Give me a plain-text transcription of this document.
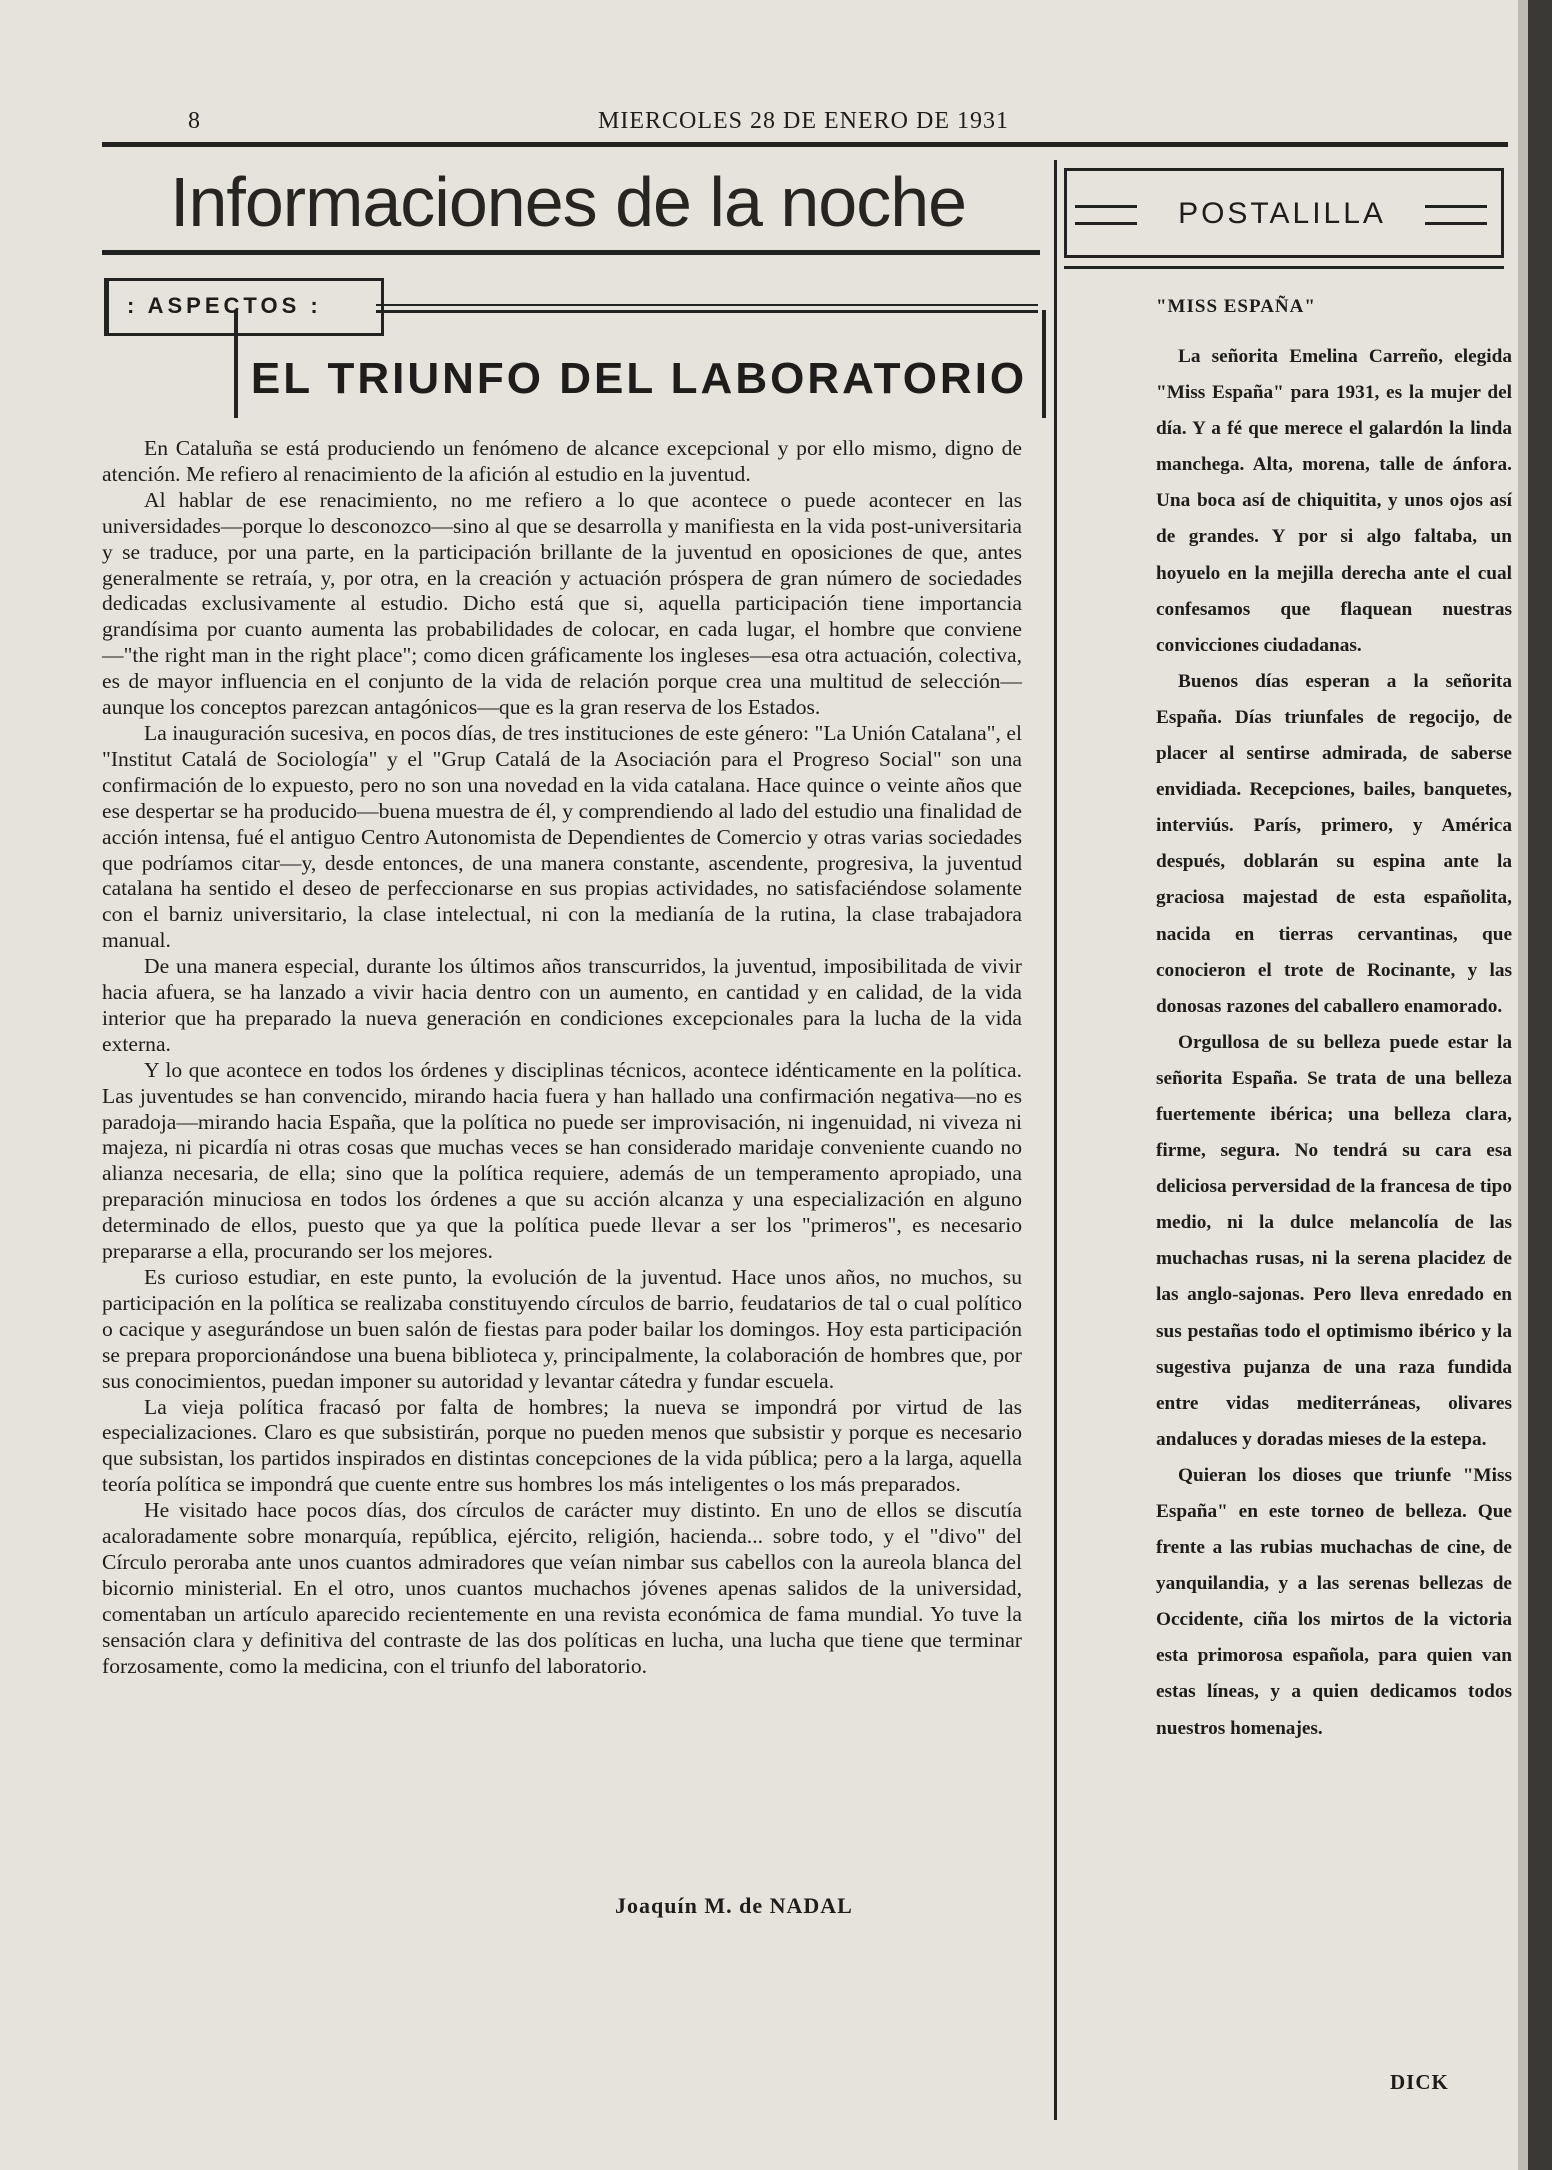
8	MIERCOLES 28 DE ENERO DE 1931
Informaciones de la noche
: ASPECTOS :
EL TRIUNFO DEL LABORATORIO

En Cataluña se está produciendo un fenómeno de alcance excepcional y por ello mismo, digno de atención. Me refiero al renacimiento de la afición al estudio en la juventud.

Al hablar de ese renacimiento, no me refiero a lo que acontece o puede acontecer en las universidades—porque lo desconozco—sino al que se desarrolla y manifiesta en la vida post-universitaria y se traduce, por una parte, en la participación brillante de la juventud en oposiciones de que, antes generalmente se retraía, y, por otra, en la creación y actuación próspera de gran número de sociedades dedicadas exclusivamente al estudio. Dicho está que si, aquella participación tiene importancia grandísima por cuanto aumenta las probabilidades de colocar, en cada lugar, el hombre que conviene—"the right man in the right place"; como dicen gráficamente los ingleses—esa otra actuación, colectiva, es de mayor influencia en el conjunto de la vida de relación porque crea una multitud de selección—aunque los conceptos parezcan antagónicos—que es la gran reserva de los Estados.

La inauguración sucesiva, en pocos días, de tres instituciones de este género: "La Unión Catalana", el "Institut Catalá de Sociología" y el "Grup Catalá de la Asociación para el Progreso Social" son una confirmación de lo expuesto, pero no son una novedad en la vida catalana. Hace quince o veinte años que ese despertar se ha producido—buena muestra de él, y comprendiendo al lado del estudio una finalidad de acción intensa, fué el antiguo Centro Autonomista de Dependientes de Comercio y otras varias sociedades que podríamos citar—y, desde entonces, de una manera constante, ascendente, progresiva, la juventud catalana ha sentido el deseo de perfeccionarse en sus propias actividades, no satisfaciéndose solamente con el barniz universitario, la clase intelectual, ni con la medianía de la rutina, la clase trabajadora manual.

De una manera especial, durante los últimos años transcurridos, la juventud, imposibilitada de vivir hacia afuera, se ha lanzado a vivir hacia dentro con un aumento, en cantidad y en calidad, de la vida interior que ha preparado la nueva generación en condiciones excepcionales para la lucha de la vida externa.

Y lo que acontece en todos los órdenes y disciplinas técnicos, acontece idénticamente en la política. Las juventudes se han convencido, mirando hacia fuera y han hallado una confirmación negativa—no es paradoja—mirando hacia España, que la política no puede ser improvisación, ni ingenuidad, ni viveza ni majeza, ni picardía ni otras cosas que muchas veces se han considerado maridaje conveniente cuando no alianza necesaria, de ella; sino que la política requiere, además de un temperamento apropiado, una preparación minuciosa en todos los órdenes a que su acción alcanza y una especialización en alguno determinado de ellos, puesto que ya que la política puede llevar a ser los "primeros", es necesario prepararse a ella, procurando ser los mejores.

Es curioso estudiar, en este punto, la evolución de la juventud. Hace unos años, no muchos, su participación en la política se realizaba constituyendo círculos de barrio, feudatarios de tal o cual político o cacique y asegurándose un buen salón de fiestas para poder bailar los domingos. Hoy esta participación se prepara proporcionándose una buena biblioteca y, principalmente, la colaboración de hombres que, por sus conocimientos, puedan imponer su autoridad y levantar cátedra y fundar escuela.

La vieja política fracasó por falta de hombres; la nueva se impondrá por virtud de las especializaciones. Claro es que subsistirán, porque no pueden menos que subsistir y porque es necesario que subsistan, los partidos inspirados en distintas concepciones de la vida pública; pero a la larga, aquella teoría política se impondrá que cuente entre sus hombres los más inteligentes o los más preparados.

He visitado hace pocos días, dos círculos de carácter muy distinto. En uno de ellos se discutía acaloradamente sobre monarquía, república, ejército, religión, hacienda... sobre todo, y el "divo" del Círculo peroraba ante unos cuantos admiradores que veían nimbar sus cabellos con la aureola blanca del bicornio ministerial. En el otro, unos cuantos muchachos jóvenes apenas salidos de la universidad, comentaban un artículo aparecido recientemente en una revista económica de fama mundial. Yo tuve la sensación clara y definitiva del contraste de las dos políticas en lucha, una lucha que tiene que terminar forzosamente, como la medicina, con el triunfo del laboratorio.

Joaquín M. de NADAL
POSTALILLA
"MISS ESPAÑA"

La señorita Emelina Carreño, elegida "Miss España" para 1931, es la mujer del día. Y a fé que merece el galardón la linda manchega. Alta, morena, talle de ánfora. Una boca así de chiquitita, y unos ojos así de grandes. Y por si algo faltaba, un hoyuelo en la mejilla derecha ante el cual confesamos que flaquean nuestras convicciones ciudadanas.

Buenos días esperan a la señorita España. Días triunfales de regocijo, de placer al sentirse admirada, de saberse envidiada. Recepciones, bailes, banquetes, interviús. París, primero, y América después, doblarán su espina ante la graciosa majestad de esta españolita, nacida en tierras cervantinas, que conocieron el trote de Rocinante, y las donosas razones del caballero enamorado.

Orgullosa de su belleza puede estar la señorita España. Se trata de una belleza fuertemente ibérica; una belleza clara, firme, segura. No tendrá su cara esa deliciosa perversidad de la francesa de tipo medio, ni la dulce melancolía de las muchachas rusas, ni la serena placidez de las anglo-sajonas. Pero lleva enredado en sus pestañas todo el optimismo ibérico y la sugestiva pujanza de una raza fundida entre vidas mediterráneas, olivares andaluces y doradas mieses de la estepa.

Quieran los dioses que triunfe "Miss España" en este torneo de belleza. Que frente a las rubias muchachas de cine, de yanquilandia, y a las serenas bellezas de Occidente, ciña los mirtos de la victoria esta primorosa española, para quien van estas líneas, y a quien dedicamos todos nuestros homenajes.

DICK
